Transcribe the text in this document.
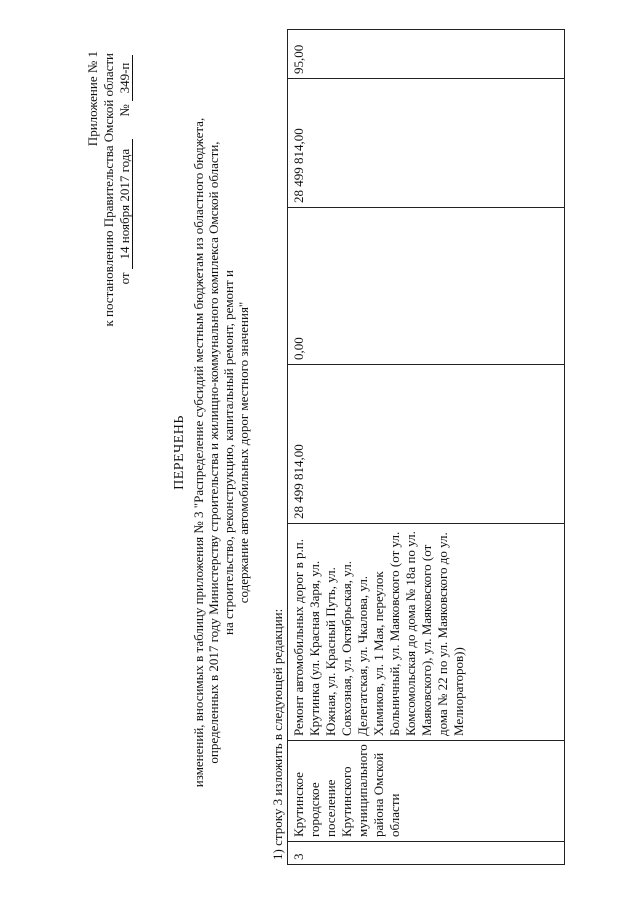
Приложение № 1 к постановлению Правительства Омской области от 14 ноября 2017 года  № 349-п
ПЕРЕЧЕНЬ изменений, вносимых в таблицу приложения № 3 "Распределение субсидий местным бюджетам из областного бюджета, определенных в 2017 году Министерству строительства и жилищно-коммунального комплекса Омской области, на строительство, реконструкцию, капитальный ремонт, ремонт и содержание автомобильных дорог местного значения"
1) строку 3 изложить в следующей редакции: 3	Крутинское городское поселение Крутинского муниципального района Омской области	Ремонт автомобильных дорог в р.п. Крутинка (ул. Красная Заря, ул. Южная, ул. Красный Путь, ул. Совхозная, ул. Октябрьская, ул. Делегатская, ул. Чкалова, ул. Химиков, ул. 1 Мая, переулок Больничный, ул. Маяковского (от ул. Комсомольская до дома № 18а по ул. Маяковского), ул. Маяковского (от дома № 22 по ул. Маяковского до ул. Мелиораторов))	28 499 814,00	0,00	28 499 814,00	95,00	
